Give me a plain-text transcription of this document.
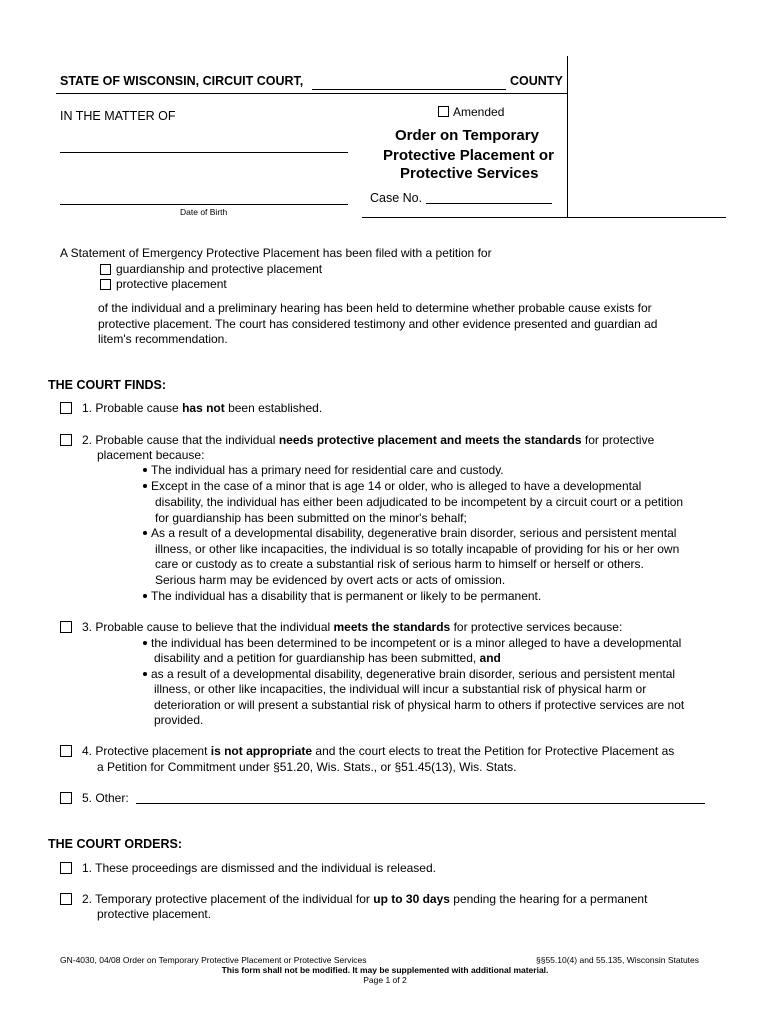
STATE OF WISCONSIN, CIRCUIT COURT,	COUNTY
Amended
IN THE MATTER OF
Date of Birth
Order on Temporary
Protective Placement or
Protective Services
Case No.
A Statement of Emergency Protective Placement has been filed with a petition for
guardianship and protective placement
protective placement
of the individual and a preliminary hearing has been held to determine whether probable cause exists for
protective placement. The court has considered testimony and other evidence presented and guardian ad
litem's recommendation.
THE COURT FINDS:
1. Probable cause has not been established.
2. Probable cause that the individual needs protective placement and meets the standards for protective
placement because:
The individual has a primary need for residential care and custody.
Except in the case of a minor that is age 14 or older, who is alleged to have a developmental
disability, the individual has either been adjudicated to be incompetent by a circuit court or a petition
for guardianship has been submitted on the minor's behalf;
As a result of a developmental disability, degenerative brain disorder, serious and persistent mental
illness, or other like incapacities, the individual is so totally incapable of providing for his or her own
care or custody as to create a substantial risk of serious harm to himself or herself or others.
Serious harm may be evidenced by overt acts or acts of omission.
The individual has a disability that is permanent or likely to be permanent.
3. Probable cause to believe that the individual meets the standards for protective services because:
the individual has been determined to be incompetent or is a minor alleged to have a developmental
disability and a petition for guardianship has been submitted, and
as a result of a developmental disability, degenerative brain disorder, serious and persistent mental
illness, or other like incapacities, the individual will incur a substantial risk of physical harm or
deterioration or will present a substantial risk of physical harm to others if protective services are not
provided.
4. Protective placement is not appropriate and the court elects to treat the Petition for Protective Placement as
a Petition for Commitment under §51.20, Wis. Stats., or §51.45(13), Wis. Stats.
5. Other:
THE COURT ORDERS:
1. These proceedings are dismissed and the individual is released.
2. Temporary protective placement of the individual for up to 30 days pending the hearing for a permanent
protective placement.
GN-4030, 04/08 Order on Temporary Protective Placement or Protective Services	§§55.10(4) and 55.135, Wisconsin Statutes
This form shall not be modified. It may be supplemented with additional material.
Page 1 of 2
